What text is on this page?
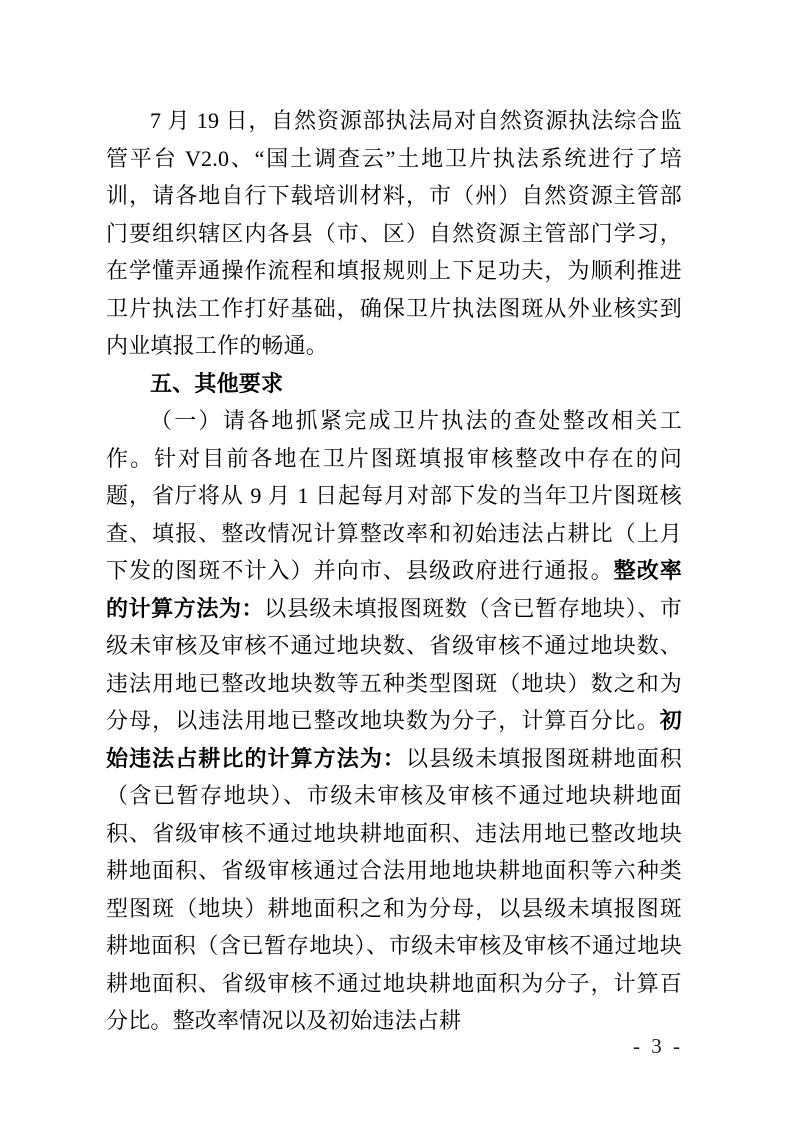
7 月 19 日，自然资源部执法局对自然资源执法综合监管平台 V2.0、“国土调查云”土地卫片执法系统进行了培训，请各地自行下载培训材料，市（州）自然资源主管部门要组织辖区内各县（市、区）自然资源主管部门学习，在学懂弄通操作流程和填报规则上下足功夫，为顺利推进卫片执法工作打好基础，确保卫片执法图斑从外业核实到内业填报工作的畅通。

五、其他要求

（一）请各地抓紧完成卫片执法的查处整改相关工作。针对目前各地在卫片图斑填报审核整改中存在的问题，省厅将从 9 月 1 日起每月对部下发的当年卫片图斑核查、填报、整改情况计算整改率和初始违法占耕比（上月下发的图斑不计入）并向市、县级政府进行通报。整改率的计算方法为：以县级未填报图斑数（含已暂存地块）、市级未审核及审核不通过地块数、省级审核不通过地块数、违法用地已整改地块数等五种类型图斑（地块）数之和为分母，以违法用地已整改地块数为分子，计算百分比。初始违法占耕比的计算方法为：以县级未填报图斑耕地面积（含已暂存地块）、市级未审核及审核不通过地块耕地面积、省级审核不通过地块耕地面积、违法用地已整改地块耕地面积、省级审核通过合法用地地块耕地面积等六种类型图斑（地块）耕地面积之和为分母，以县级未填报图斑耕地面积（含已暂存地块）、市级未审核及审核不通过地块耕地面积、省级审核不通过地块耕地面积为分子，计算百分比。整改率情况以及初始违法占耕

- 3 -
